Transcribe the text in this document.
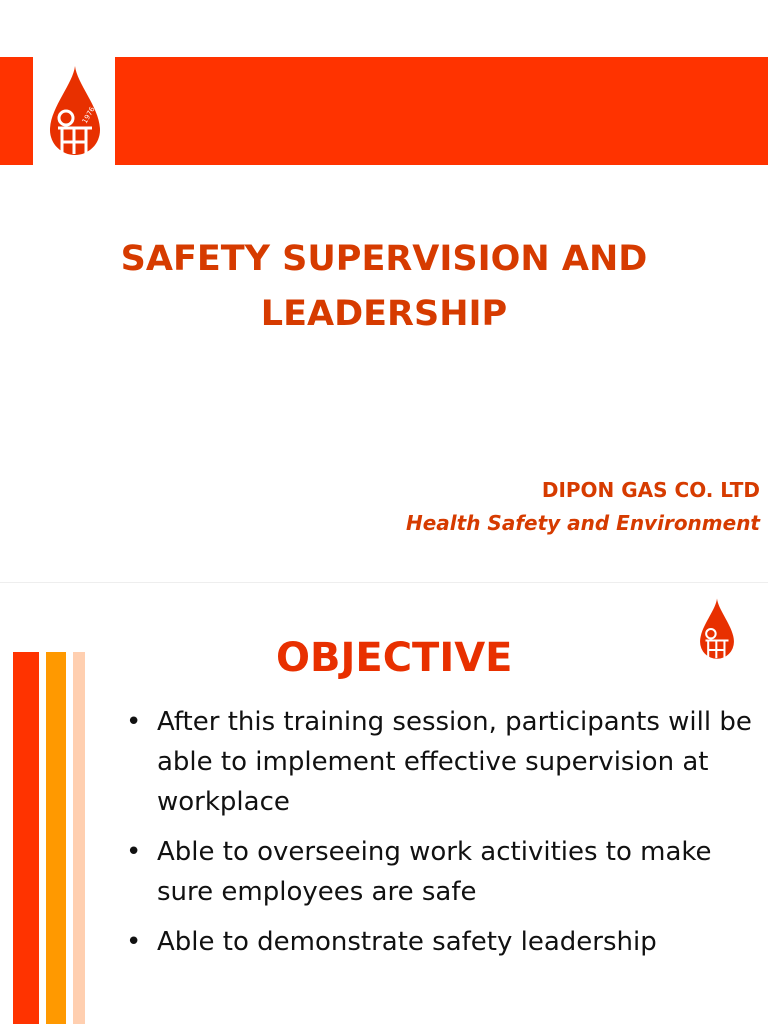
1976
SAFETY SUPERVISION AND
LEADERSHIP
DIPON GAS CO. LTD
Health Safety and Environment
OBJECTIVE
• After this training session, participants will be able to implement effective supervision at workplace
• Able to overseeing work activities to make sure employees are safe
• Able to demonstrate safety leadership
